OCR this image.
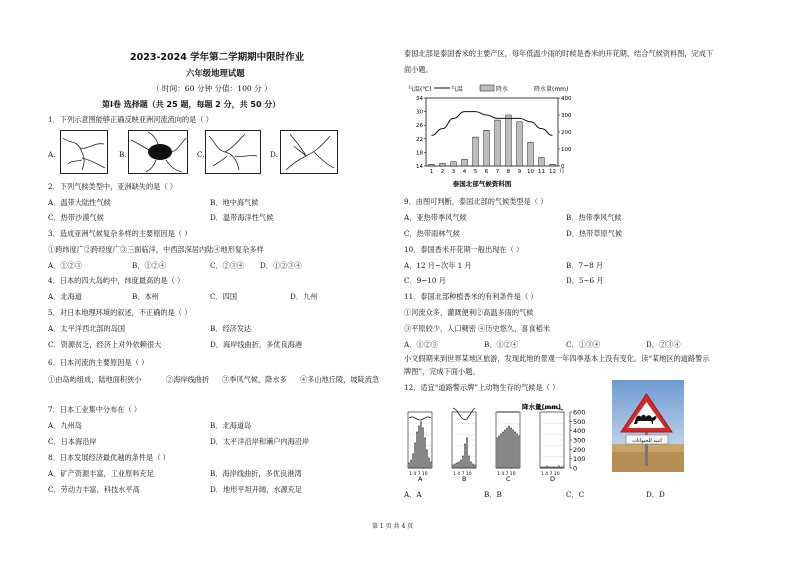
2023-2024 学年第二学期期中限时作业
六年级地理试题
（ 时间：60 分钟 分值：100 分 ）
第Ⅰ卷 选择题（共 25 题，每题 2 分，共 50 分）
1．下列示意图能够正确反映亚洲河流流向的是（ ）
A.	B.	C.	D.
2．下列气候类型中，亚洲缺失的是（ ）
A．温带大陆性气候	B．地中海气候
C．热带沙漠气候	D．温带海洋性气候
3．造成亚洲气候复杂多样的主要原因是（ ）
①跨纬度广②跨经度广③三面临洋，中西部深居内陆④地形复杂多样
A．①②③	B．①②④	C．②③④ D．①②③④
4．日本的四大岛屿中，纬度最高的是（ ）
A．北海道	B．本州	C．四国	D．九州
5．对日本地理环境的叙述，不正确的是（ ）
A．太平洋西北部的岛国	B．经济发达
C．资源贫乏，经济上对外依赖很大	D．海岸线曲折，多优良海港
6．日本河流的主要原因是（ ）
①由岛屿组成，陆地面积狭小	②海岸线曲折 ③季风气候，降水多 ④多山地丘陵，坡陡流急
7．日本工业集中分布在（ ）
A．九州岛	B．北海道岛
C．日本海沿岸	D．太平洋沿岸和濑户内海沿岸
8．日本发展经济最优越的条件是（ ）
A．矿产资源丰富，工业原料充足	B．海岸线曲折，多优良港湾
C．劳动力丰富，科技水平高	D．地形平坦开阔，水源充足
泰国北部是泰国香米的主要产区，每年低温少雨的时候是香米的开花期，结合气候资料图，完成下
面小题。
14
18
22
26
30
34
0
100
200
300
400
1 2 3 4 5 6 7 8 9 10 11 12 月
气温(℃)	气温	降水	降水量(mm)
泰国北部气候资料图
9．由图可判断，泰国北部的气候类型是（ ）
A．亚热带季风气候	B．热带季风气候
C．热带雨林气候	D．热带草原气候
10．泰国香米开花期一般出现在（ ）
A．12 月~次年 1 月	B．7~8 月
C．9~10 月	D．5~6 月
11．泰国北部种植香米的有利条件是（ ）
①河流众多，灌溉便利②高温多雨的气候
③平原较少，人口稠密 ④历史悠久，喜食稻米
A．①②③	B．①②④	C．①③④	D．②③④
小文假期来到世界某地区旅游，发现此地的景观一年四季基本上没有变化。读“某地区的道路警示
牌图”，完成下面小题。
12．适宜“道路警示牌”上动物生存的气候是（ ）
降水量(mm)
0
100
200
300
400
500
600
1 4 7 10
A
1 4 7 10
B
1 4 7 10
C
1 4 7 10
D
انتبه للحيوانات
A．A	B．B	C．C	D．D
第 1 页 共 4 页
